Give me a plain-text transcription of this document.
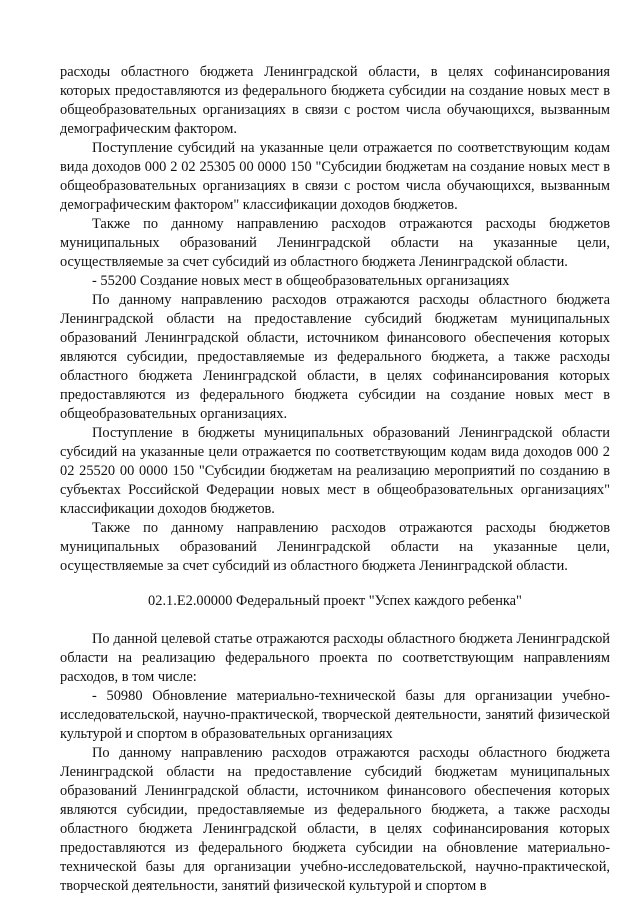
расходы областного бюджета Ленинградской области, в целях софинансирования которых предоставляются из федерального бюджета субсидии на создание новых мест в общеобразовательных организациях в связи с ростом числа обучающихся, вызванным демографическим фактором.

Поступление субсидий на указанные цели отражается по соответствующим кодам вида доходов 000 2 02 25305 00 0000 150 "Субсидии бюджетам на создание новых мест в общеобразовательных организациях в связи с ростом числа обучающихся, вызванным демографическим фактором" классификации доходов бюджетов.

Также по данному направлению расходов отражаются расходы бюджетов муниципальных образований Ленинградской области на указанные цели, осуществляемые за счет субсидий из областного бюджета Ленинградской области.

- 55200 Создание новых мест в общеобразовательных организациях

По данному направлению расходов отражаются расходы областного бюджета Ленинградской области на предоставление субсидий бюджетам муниципальных образований Ленинградской области, источником финансового обеспечения которых являются субсидии, предоставляемые из федерального бюджета, а также расходы областного бюджета Ленинградской области, в целях софинансирования которых предоставляются из федерального бюджета субсидии на создание новых мест в общеобразовательных организациях.

Поступление в бюджеты муниципальных образований Ленинградской области субсидий на указанные цели отражается по соответствующим кодам вида доходов 000 2 02 25520 00 0000 150 "Субсидии бюджетам на реализацию мероприятий по созданию в субъектах Российской Федерации новых мест в общеобразовательных организациях" классификации доходов бюджетов.

Также по данному направлению расходов отражаются расходы бюджетов муниципальных образований Ленинградской области на указанные цели, осуществляемые за счет субсидий из областного бюджета Ленинградской области.

02.1.Е2.00000 Федеральный проект "Успех каждого ребенка"

По данной целевой статье отражаются расходы областного бюджета Ленинградской области на реализацию федерального проекта по соответствующим направлениям расходов, в том числе:

- 50980 Обновление материально-технической базы для организации учебно-исследовательской, научно-практической, творческой деятельности, занятий физической культурой и спортом в образовательных организациях

По данному направлению расходов отражаются расходы областного бюджета Ленинградской области на предоставление субсидий бюджетам муниципальных образований Ленинградской области, источником финансового обеспечения которых являются субсидии, предоставляемые из федерального бюджета, а также расходы областного бюджета Ленинградской области, в целях софинансирования которых предоставляются из федерального бюджета субсидии на обновление материально-технической базы для организации учебно-исследовательской, научно-практической, творческой деятельности, занятий физической культурой и спортом в
